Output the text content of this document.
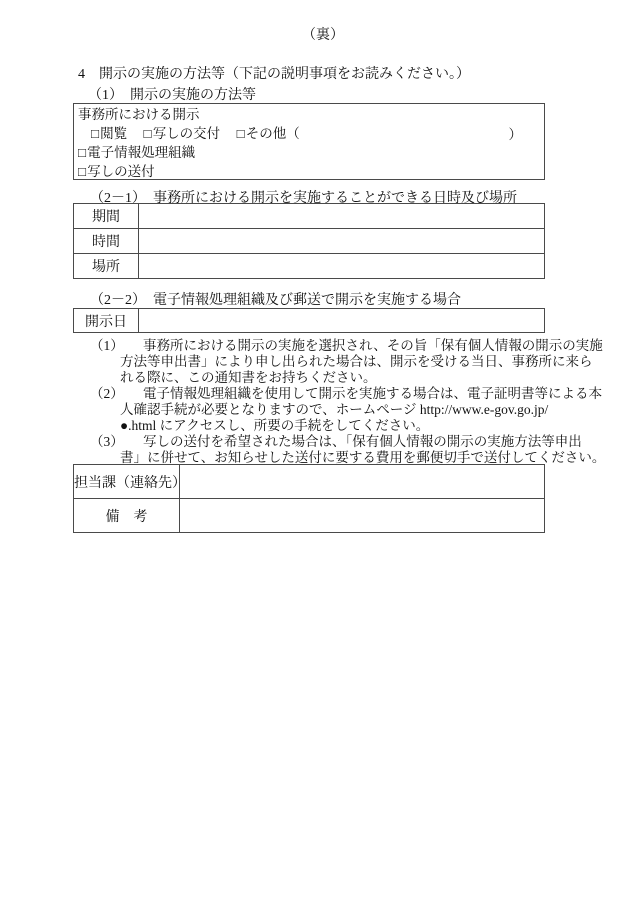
（裏）
4　開示の実施の方法等（下記の説明事項をお読みください。）
（1）　開示の実施の方法等
事務所における開示
□閲覧 □写しの交付 □その他（	）
□電子情報処理組織
□写しの送付
（2－1）　事務所における開示を実施することができる日時及び場所
期間	
時間	
場所	
（2－2）　電子情報処理組織及び郵送で開示を実施する場合
開示日	
（1）	事務所における開示の実施を選択され、その旨「保有個人情報の開示の実施
方法等申出書」により申し出られた場合は、開示を受ける当日、事務所に来ら
れる際に、この通知書をお持ちください。
（2）	電子情報処理組織を使用して開示を実施する場合は、電子証明書等による本
人確認手続が必要となりますので、ホームページ http://www.e-gov.go.jp/
●.html にアクセスし、所要の手続をしてください。
（3）	写しの送付を希望された場合は、「保有個人情報の開示の実施方法等申出
書」に併せて、お知らせした送付に要する費用を郵便切手で送付してください。
担当課（連絡先）	
備　考	
